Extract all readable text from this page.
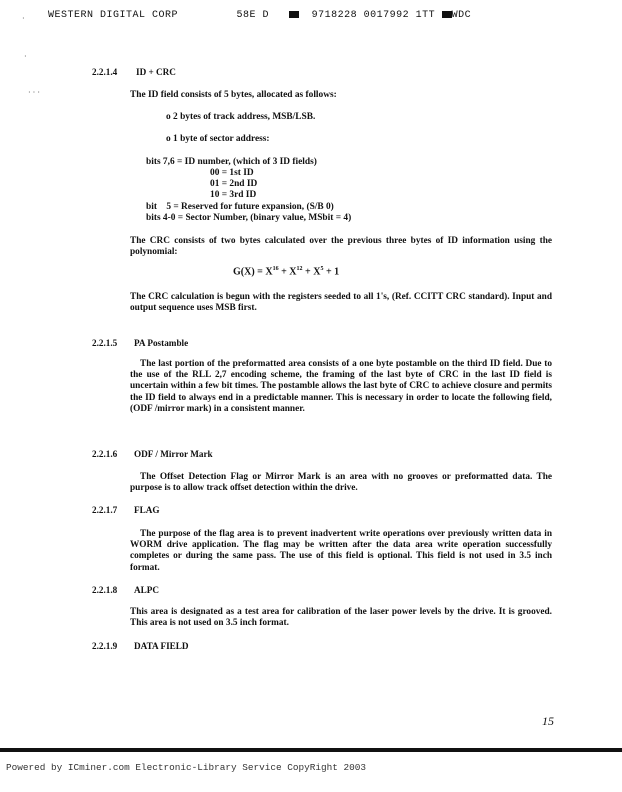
WESTERN DIGITAL CORP	58E D	9718228 0017992 1TT WDC
·
·
· · ·
2.2.1.4 ID + CRC
The ID field consists of 5 bytes, allocated as follows:
o 2 bytes of track address, MSB/LSB.
o 1 byte of sector address:
bits 7,6 = ID number, (which of 3 ID fields)
00 = 1st ID
01 = 2nd ID
10 = 3rd ID
bit    5 = Reserved for future expansion, (S/B 0)
bits 4-0 = Sector Number, (binary value, MSbit = 4)
The CRC consists of two bytes calculated over the previous three bytes of ID information using the polynomial:
$G(X) = X^{16} + X^{12} + X^5 + 1$
The CRC calculation is begun with the registers seeded to all 1's, (Ref. CCITT CRC standard). Input and output sequence uses MSB first.
2.2.1.5 PA Postamble
The last portion of the preformatted area consists of a one byte postamble on the third ID field. Due to the use of the RLL 2,7 encoding scheme, the framing of the last byte of CRC in the last ID field is uncertain within a few bit times. The postamble allows the last byte of CRC to achieve closure and permits the ID field to always end in a predictable manner. This is necessary in order to locate the following field, (ODF /mirror mark) in a consistent manner.
2.2.1.6 ODF / Mirror Mark
The Offset Detection Flag or Mirror Mark is an area with no grooves or preformatted data. The purpose is to allow track offset detection within the drive.
2.2.1.7 FLAG
The purpose of the flag area is to prevent inadvertent write operations over previously written data in WORM drive application. The flag may be written after the data area write operation successfully completes or during the same pass. The use of this field is optional. This field is not used in 3.5 inch format.
2.2.1.8 ALPC
This area is designated as a test area for calibration of the laser power levels by the drive. It is grooved. This area is not used on 3.5 inch format.
2.2.1.9 DATA FIELD
15
Powered by ICminer.com Electronic-Library Service CopyRight 2003
